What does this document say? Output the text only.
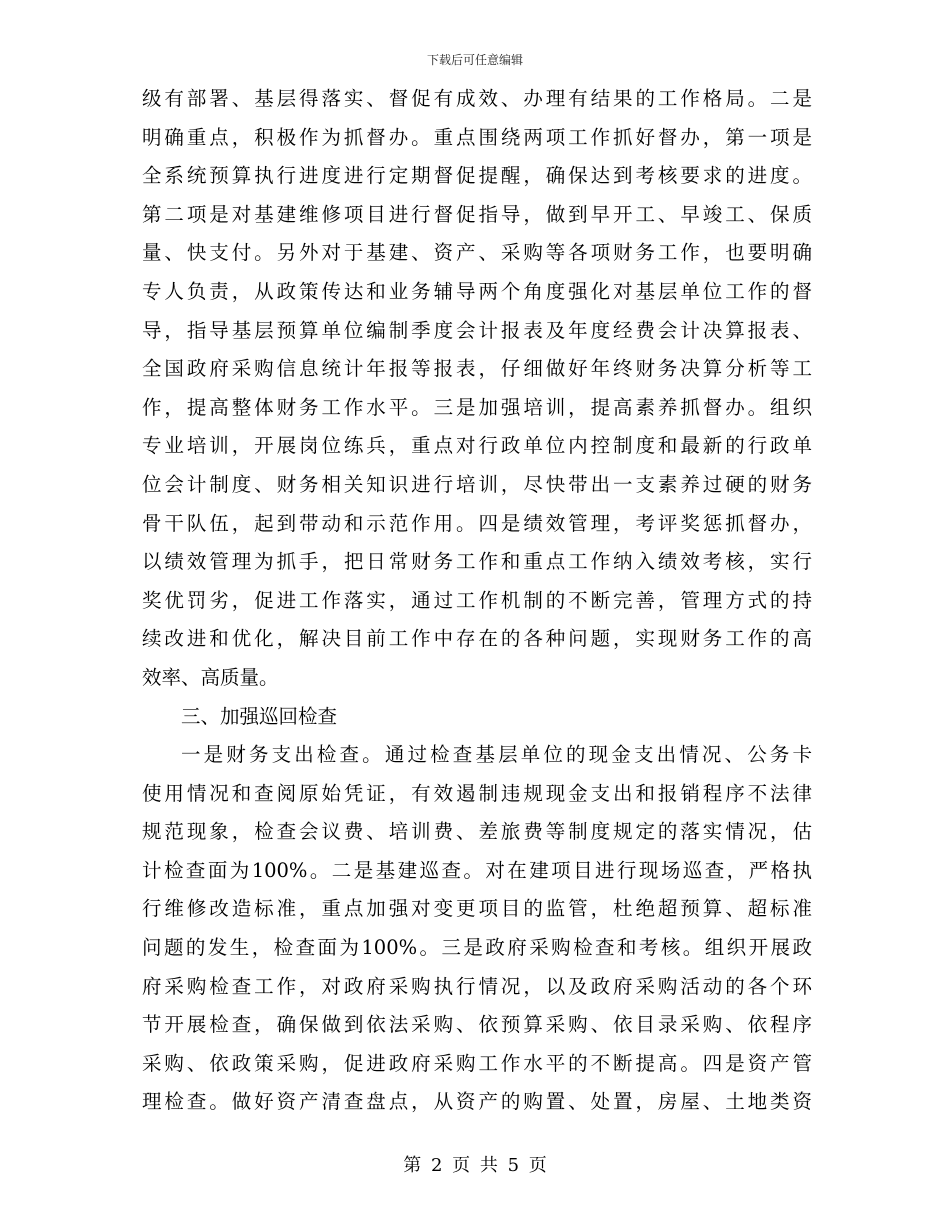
下载后可任意编辑
级有部署、基层得落实、督促有成效、办理有结果的工作格局。二是
明确重点，积极作为抓督办。重点围绕两项工作抓好督办，第一项是
全系统预算执行进度进行定期督促提醒，确保达到考核要求的进度。
第二项是对基建维修项目进行督促指导，做到早开工、早竣工、保质
量、快支付。另外对于基建、资产、采购等各项财务工作，也要明确
专人负责，从政策传达和业务辅导两个角度强化对基层单位工作的督
导，指导基层预算单位编制季度会计报表及年度经费会计决算报表、
全国政府采购信息统计年报等报表，仔细做好年终财务决算分析等工
作，提高整体财务工作水平。三是加强培训，提高素养抓督办。组织
专业培训，开展岗位练兵，重点对行政单位内控制度和最新的行政单
位会计制度、财务相关知识进行培训，尽快带出一支素养过硬的财务
骨干队伍，起到带动和示范作用。四是绩效管理，考评奖惩抓督办，
以绩效管理为抓手，把日常财务工作和重点工作纳入绩效考核，实行
奖优罚劣，促进工作落实，通过工作机制的不断完善，管理方式的持
续改进和优化，解决目前工作中存在的各种问题，实现财务工作的高
效率、高质量。
三、加强巡回检查
一是财务支出检查。通过检查基层单位的现金支出情况、公务卡
使用情况和查阅原始凭证，有效遏制违规现金支出和报销程序不法律
规范现象，检查会议费、培训费、差旅费等制度规定的落实情况，估
计检查面为100%。二是基建巡查。对在建项目进行现场巡查，严格执
行维修改造标准，重点加强对变更项目的监管，杜绝超预算、超标准
问题的发生，检查面为100%。三是政府采购检查和考核。组织开展政
府采购检查工作，对政府采购执行情况，以及政府采购活动的各个环
节开展检查，确保做到依法采购、依预算采购、依目录采购、依程序
采购、依政策采购，促进政府采购工作水平的不断提高。四是资产管
理检查。做好资产清查盘点，从资产的购置、处置，房屋、土地类资
第 2 页 共 5 页
